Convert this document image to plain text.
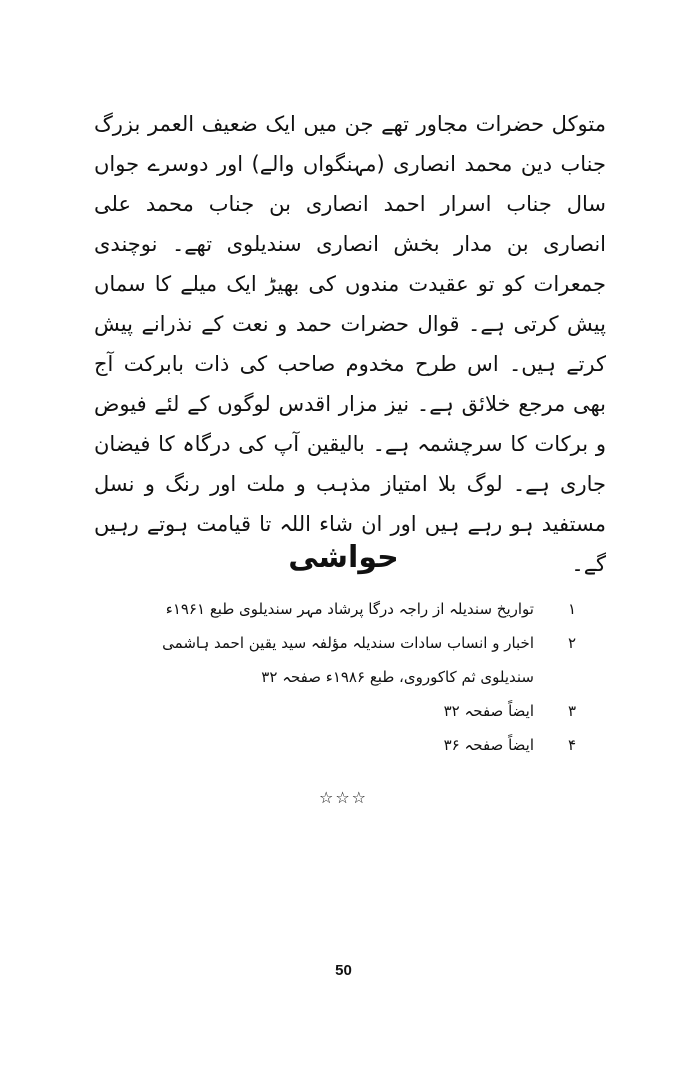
متوکل حضرات مجاور تھے جن میں ایک ضعیف العمر بزرگ جناب دین محمد انصاری (مہنگواں والے) اور دوسرے جواں سال جناب اسرار احمد انصاری بن جناب محمد علی انصاری بن مدار بخش انصاری سندیلوی تھے۔ نوچندی جمعرات کو تو عقیدت مندوں کی بھیڑ ایک میلے کا سماں پیش کرتی ہے۔ قوال حضرات حمد و نعت کے نذرانے پیش کرتے ہیں۔ اس طرح مخدوم صاحب کی ذات بابرکت آج بھی مرجع خلائق ہے۔ نیز مزار اقدس لوگوں کے لئے فیوض و برکات کا سرچشمہ ہے۔ بالیقین آپ کی درگاہ کا فیضان جاری ہے۔ لوگ بلا امتیاز مذہب و ملت اور رنگ و نسل مستفید ہو رہے ہیں اور ان شاء اللہ تا قیامت ہوتے رہیں گے۔

حواشی
۱
تواریخ سندیلہ از راجہ درگا پرشاد مہر سندیلوی طبع ۱۹۶۱ء
۲
اخبار و انساب سادات سندیلہ مؤلفہ سید یقین احمد ہاشمی سندیلوی ثم کاکوروی، طبع ۱۹۸۶ء صفحہ ۳۲
۳
ایضاً صفحہ ۳۲
۴
ایضاً صفحہ ۳۶
☆☆☆
50
